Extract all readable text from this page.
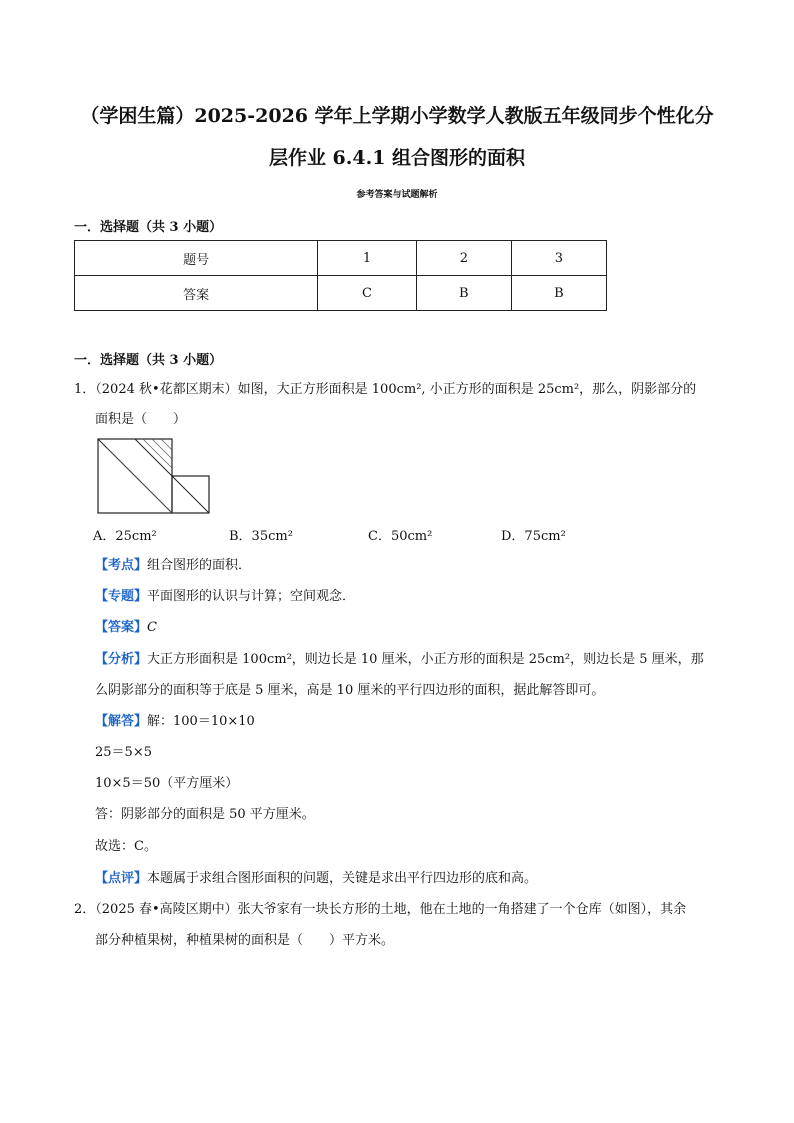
（学困生篇）2025-2026 学年上学期小学数学人教版五年级同步个性化分
层作业 6.4.1 组合图形的面积
参考答案与试题解析
一．选择题（共 3 小题）
题号	1	2	3
答案	C	B	B
一．选择题（共 3 小题）
1．（2024 秋•花都区期末）如图，大正方形面积是 100cm², 小正方形的面积是 25cm²，那么，阴影部分的
面积是（　　）
A．25cm²	B．35cm²	C．50cm²	D．75cm²
【考点】组合图形的面积．
【专题】平面图形的认识与计算；空间观念．
【答案】C
【分析】大正方形面积是 100cm²，则边长是 10 厘米，小正方形的面积是 25cm²，则边长是 5 厘米，那
么阴影部分的面积等于底是 5 厘米，高是 10 厘米的平行四边形的面积，据此解答即可。
【解答】解：100＝10×10
25＝5×5
10×5＝50（平方厘米）
答：阴影部分的面积是 50 平方厘米。
故选：C。
【点评】本题属于求组合图形面积的问题，关键是求出平行四边形的底和高。
2．（2025 春•高陵区期中）张大爷家有一块长方形的土地，他在土地的一角搭建了一个仓库（如图），其余
部分种植果树，种植果树的面积是（　　）平方米。
